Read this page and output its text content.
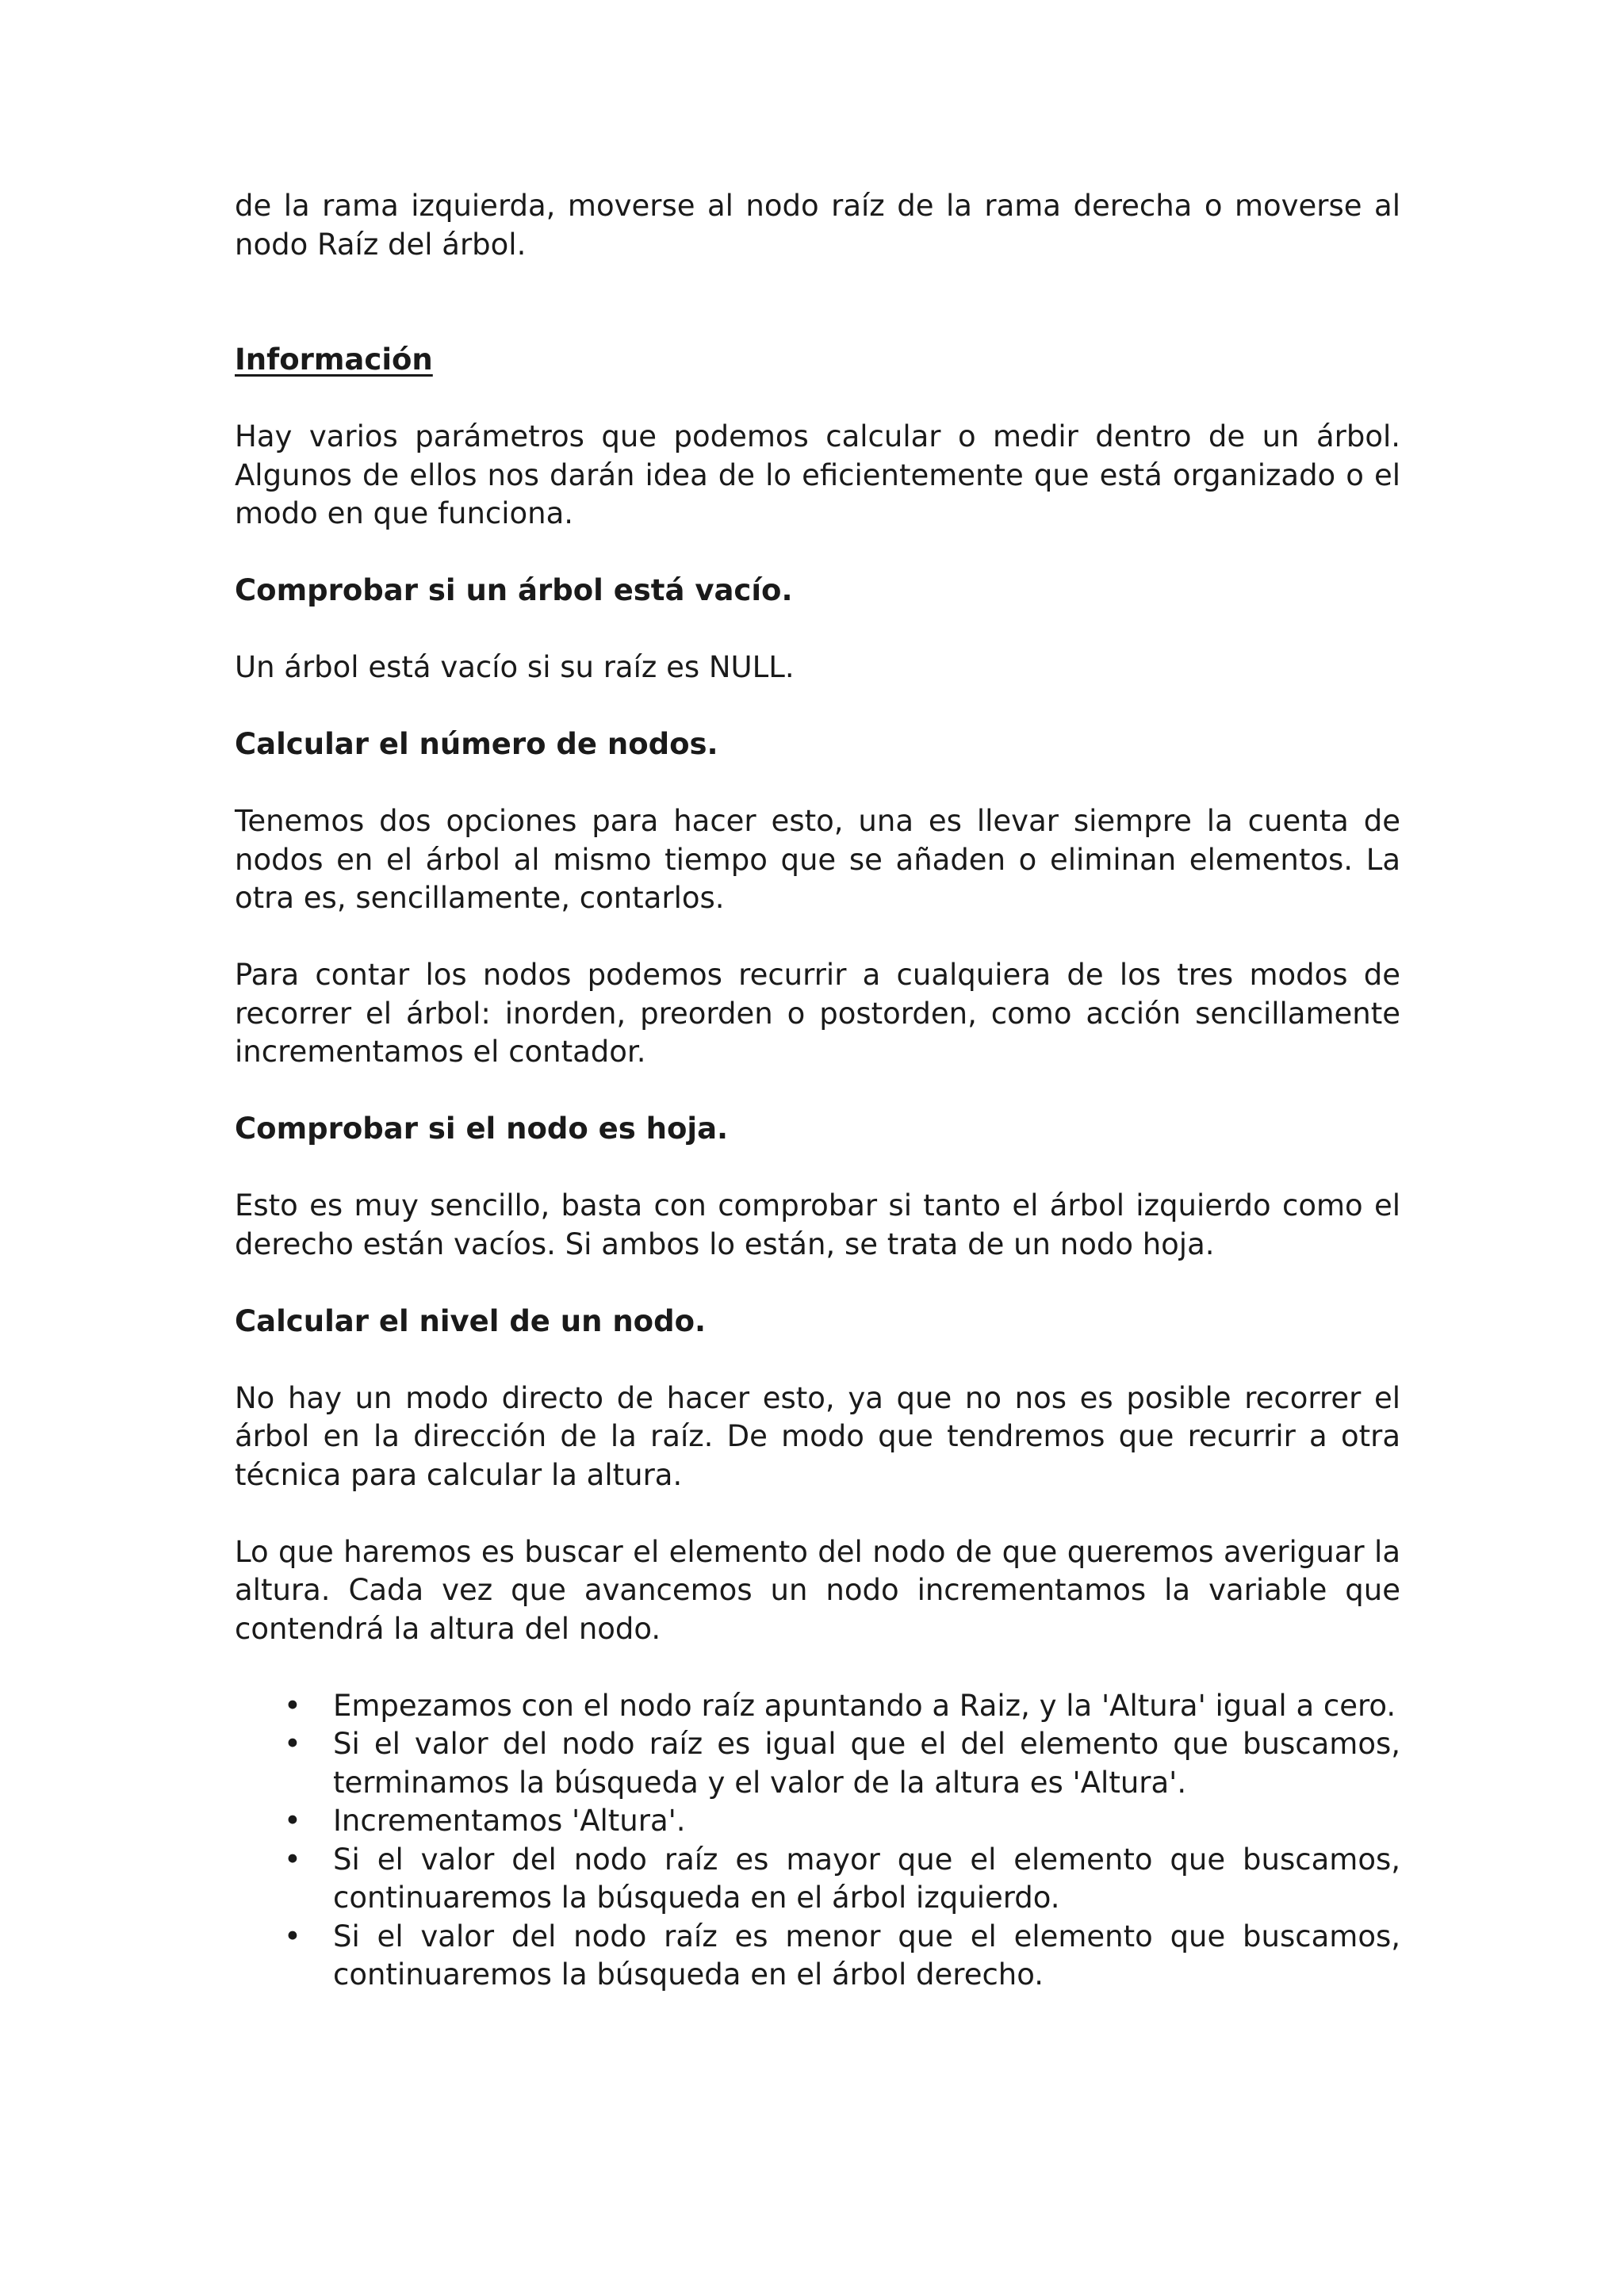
de la rama izquierda, moverse al nodo raíz de la rama derecha o moverse al nodo Raíz del árbol.

Información

Hay varios parámetros que podemos calcular o medir dentro de un árbol. Algunos de ellos nos darán idea de lo eficientemente que está organizado o el modo en que funciona.

Comprobar si un árbol está vacío.

Un árbol está vacío si su raíz es NULL.

Calcular el número de nodos.

Tenemos dos opciones para hacer esto, una es llevar siempre la cuenta de nodos en el árbol al mismo tiempo que se añaden o eliminan elementos. La otra es, sencillamente, contarlos.

Para contar los nodos podemos recurrir a cualquiera de los tres modos de recorrer el árbol: inorden, preorden o postorden, como acción sencillamente incrementamos el contador.

Comprobar si el nodo es hoja.

Esto es muy sencillo, basta con comprobar si tanto el árbol izquierdo como el derecho están vacíos. Si ambos lo están, se trata de un nodo hoja.

Calcular el nivel de un nodo.

No hay un modo directo de hacer esto, ya que no nos es posible recorrer el árbol en la dirección de la raíz. De modo que tendremos que recurrir a otra técnica para calcular la altura.

Lo que haremos es buscar el elemento del nodo de que queremos averiguar la altura. Cada vez que avancemos un nodo incrementamos la variable que contendrá la altura del nodo.

• Empezamos con el nodo raíz apuntando a Raiz, y la 'Altura' igual a cero.
• Si el valor del nodo raíz es igual que el del elemento que buscamos, terminamos la búsqueda y el valor de la altura es 'Altura'.
• Incrementamos 'Altura'.
• Si el valor del nodo raíz es mayor que el elemento que buscamos, continuaremos la búsqueda en el árbol izquierdo.
• Si el valor del nodo raíz es menor que el elemento que buscamos, continuaremos la búsqueda en el árbol derecho.
